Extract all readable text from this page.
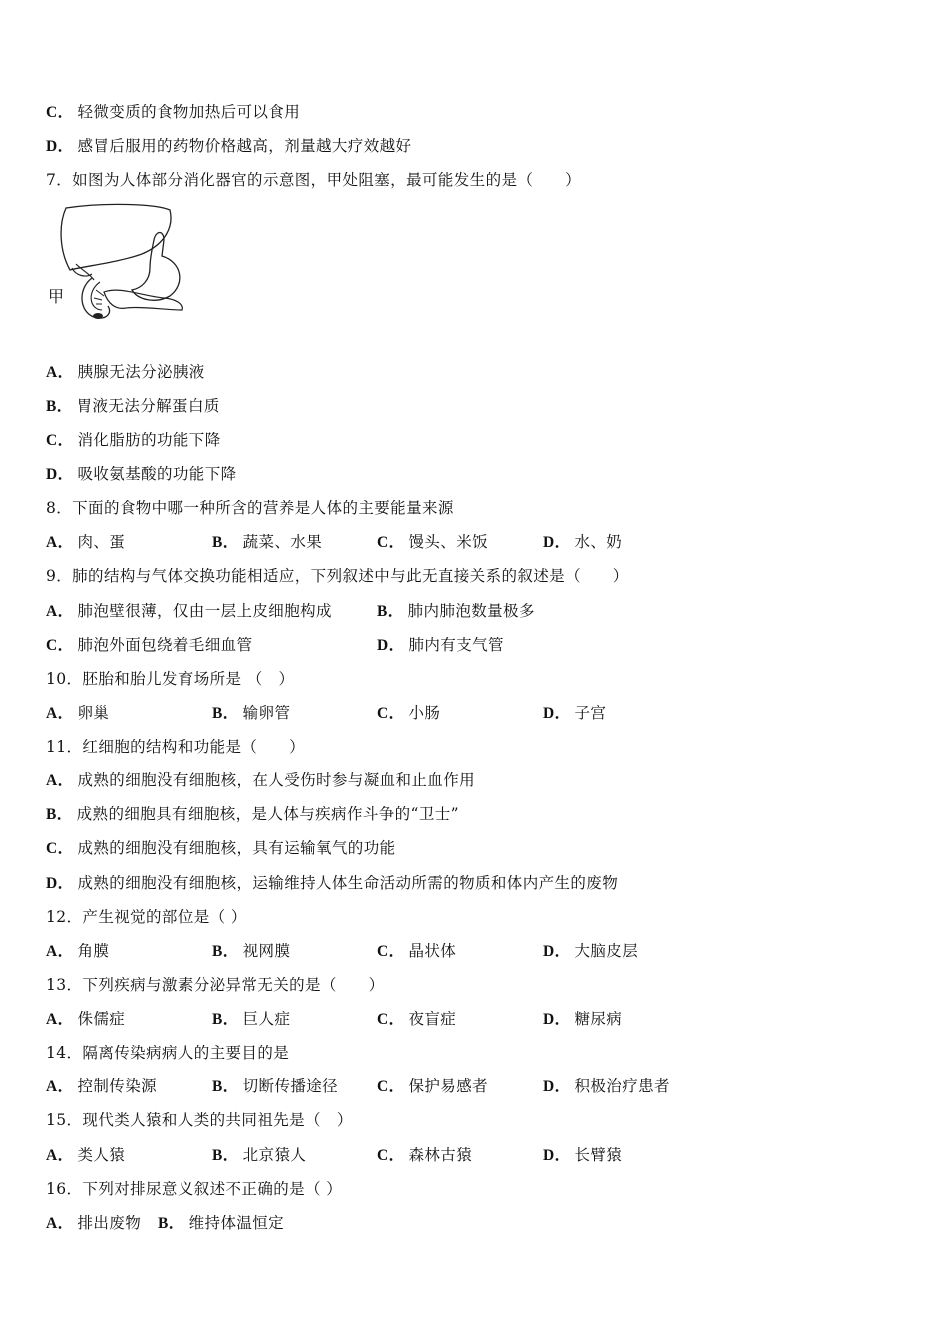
C． 轻微变质的食物加热后可以食用
D． 感冒后服用的药物价格越高，剂量越大疗效越好
7．如图为人体部分消化器官的示意图，甲处阻塞，最可能发生的是（　　）
甲
A． 胰腺无法分泌胰液
B． 胃液无法分解蛋白质
C． 消化脂肪的功能下降
D． 吸收氨基酸的功能下降
8．下面的食物中哪一种所含的营养是人体的主要能量来源
A． 肉、蛋	B． 蔬菜、水果	C． 馒头、米饭	D． 水、奶
9．肺的结构与气体交换功能相适应，下列叙述中与此无直接关系的叙述是（　　）
A． 肺泡壁很薄，仅由一层上皮细胞构成	B． 肺内肺泡数量极多
C． 肺泡外面包绕着毛细血管	D． 肺内有支气管
10．胚胎和胎儿发育场所是 （　）
A． 卵巢	B． 输卵管	C． 小肠	D． 子宫
11．红细胞的结构和功能是（　　）
A． 成熟的细胞没有细胞核，在人受伤时参与凝血和止血作用
B． 成熟的细胞具有细胞核，是人体与疾病作斗争的“卫士”
C． 成熟的细胞没有细胞核，具有运输氧气的功能
D． 成熟的细胞没有细胞核，运输维持人体生命活动所需的物质和体内产生的废物
12．产生视觉的部位是（ ）
A． 角膜	B． 视网膜	C． 晶状体	D． 大脑皮层
13．下列疾病与激素分泌异常无关的是（　　）
A． 侏儒症	B． 巨人症	C． 夜盲症	D． 糖尿病
14．隔离传染病病人的主要目的是
A． 控制传染源	B． 切断传播途径	C． 保护易感者	D． 积极治疗患者
15．现代类人猿和人类的共同祖先是（　）
A． 类人猿	B． 北京猿人	C． 森林古猿	D． 长臂猿
16．下列对排尿意义叙述不正确的是（ ）
A． 排出废物 B． 维持体温恒定
